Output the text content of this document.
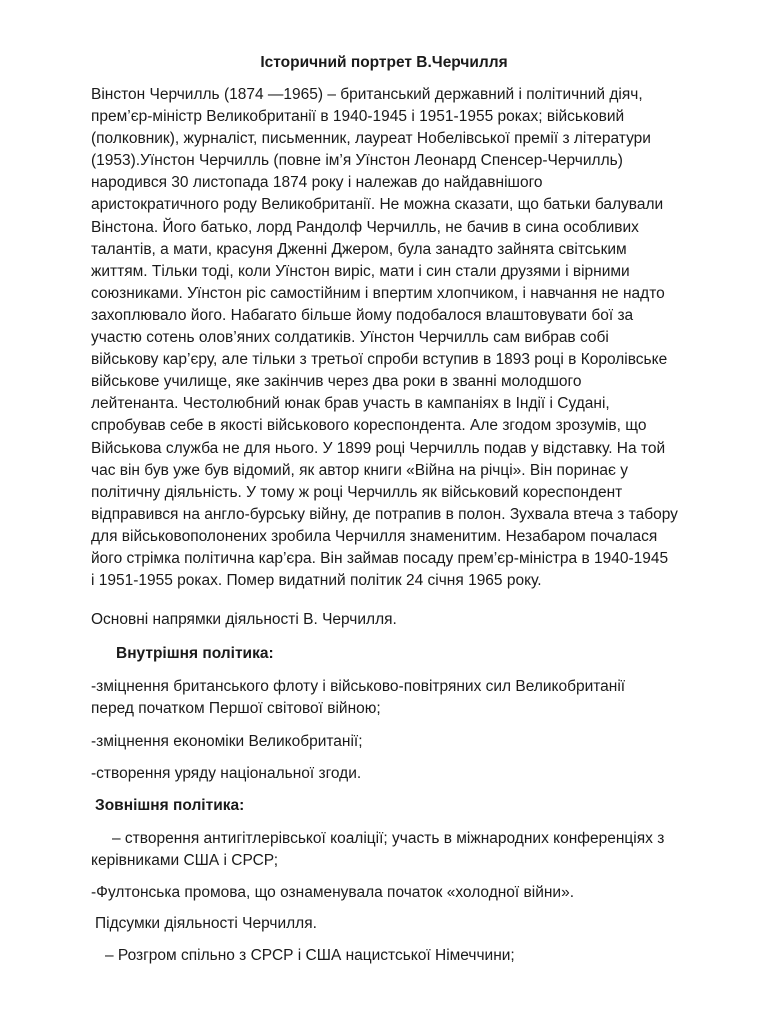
Історичний портрет В.Черчилля
Вінстон Черчилль (1874 —1965) – британський державний і політичний діяч,
прем’єр-міністр Великобританії в 1940-1945 і 1951-1955 роках; військовий
(полковник), журналіст, письменник, лауреат Нобелівської премії з літератури
(1953).Уїнстон Черчилль (повне ім’я Уїнстон Леонард Спенсер-Черчилль)
народився 30 листопада 1874 року і належав до найдавнішого
аристократичного роду Великобританії. Не можна сказати, що батьки балували
Вінстона. Його батько, лорд Рандолф Черчилль, не бачив в сина особливих
талантів, а мати, красуня Дженні Джером, була занадто зайнята світським
життям. Тільки тоді, коли Уїнстон виріс, мати і син стали друзями і вірними
союзниками. Уїнстон ріс самостійним і впертим хлопчиком, і навчання не надто
захоплювало його. Набагато більше йому подобалося влаштовувати бої за
участю сотень олов’яних солдатиків. Уїнстон Черчилль сам вибрав собі
військову кар’єру, але тільки з третьої спроби вступив в 1893 році в Королівське
військове училище, яке закінчив через два роки в званні молодшого
лейтенанта. Честолюбний юнак брав участь в кампаніях в Індії і Судані,
спробував себе в якості військового кореспондента. Але згодом зрозумів, що
Військова служба не для нього. У 1899 році Черчилль подав у відставку. На той
час він був уже був відомий, як автор книги «Війна на річці». Він поринає у
політичну діяльність. У тому ж році Черчилль як військовий кореспондент
відправився на англо-бурську війну, де потрапив в полон. Зухвала втеча з табору
для військовополонених зробила Черчилля знаменитим. Незабаром почалася
його стрімка політична кар’єра. Він займав посаду прем’єр-міністра в 1940-1945
і 1951-1955 роках. Помер видатний політик 24 січня 1965 року.
Основні напрямки діяльності В. Черчилля.
Внутрішня політика:
-зміцнення британського флоту і військово-повітряних сил Великобританії
перед початком Першої світової війною;
-зміцнення економіки Великобританії;
-створення уряду національної згоди.
Зовнішня політика:
– створення антигітлерівської коаліції; участь в міжнародних конференціях з
керівниками США і СРСР;
-Фултонська промова, що ознаменувала початок «холодної війни».
Підсумки діяльності Черчилля.
– Розгром спільно з СРСР і США нацистської Німеччини;
